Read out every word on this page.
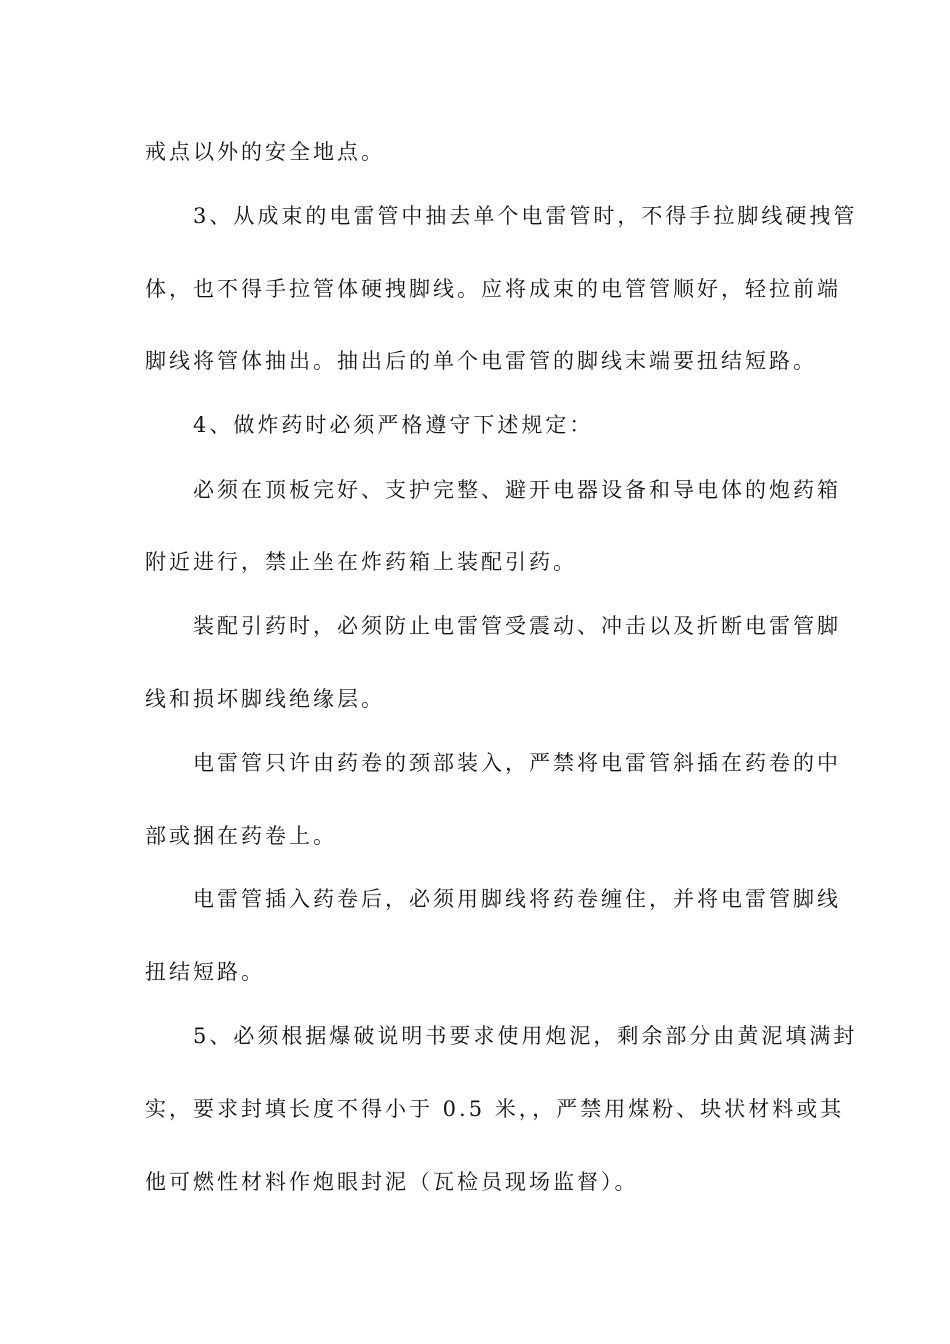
戒点以外的安全地点。
3、从成束的电雷管中抽去单个电雷管时，不得手拉脚线硬拽管
体，也不得手拉管体硬拽脚线。应将成束的电管管顺好，轻拉前端
脚线将管体抽出。抽出后的单个电雷管的脚线末端要扭结短路。
4、做炸药时必须严格遵守下述规定：
必须在顶板完好、支护完整、避开电器设备和导电体的炮药箱
附近进行，禁止坐在炸药箱上装配引药。
装配引药时，必须防止电雷管受震动、冲击以及折断电雷管脚
线和损坏脚线绝缘层。
电雷管只许由药卷的颈部装入，严禁将电雷管斜插在药卷的中
部或捆在药卷上。
电雷管插入药卷后，必须用脚线将药卷缠住，并将电雷管脚线
扭结短路。
5、必须根据爆破说明书要求使用炮泥，剩余部分由黄泥填满封
实，要求封填长度不得小于 0.5 米，，严禁用煤粉、块状材料或其
他可燃性材料作炮眼封泥（瓦检员现场监督）。
